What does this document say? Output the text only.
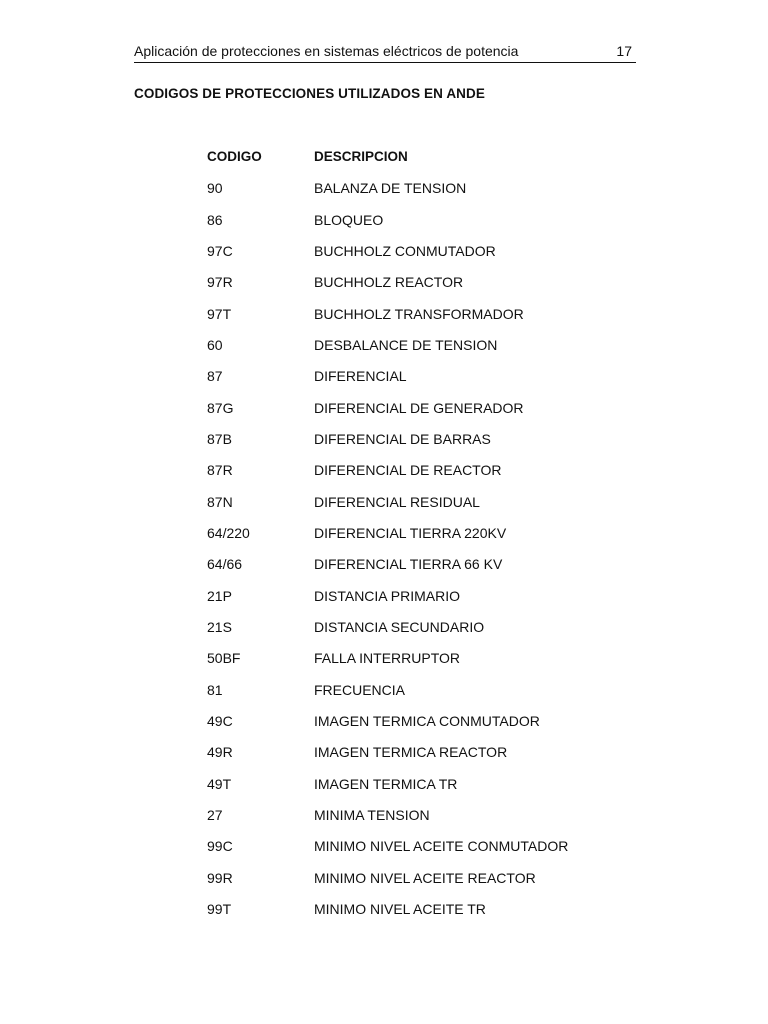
Aplicación de protecciones en sistemas eléctricos de potencia	17
CODIGOS DE PROTECCIONES UTILIZADOS EN ANDE
CODIGO	DESCRIPCION
90	BALANZA DE TENSION
86	BLOQUEO
97C	BUCHHOLZ CONMUTADOR
97R	BUCHHOLZ REACTOR
97T	BUCHHOLZ TRANSFORMADOR
60	DESBALANCE DE TENSION
87	DIFERENCIAL
87G	DIFERENCIAL DE GENERADOR
87B	DIFERENCIAL DE BARRAS
87R	DIFERENCIAL DE REACTOR
87N	DIFERENCIAL RESIDUAL
64/220	DIFERENCIAL TIERRA 220KV
64/66	DIFERENCIAL TIERRA 66 KV
21P	DISTANCIA PRIMARIO
21S	DISTANCIA SECUNDARIO
50BF	FALLA INTERRUPTOR
81	FRECUENCIA
49C	IMAGEN TERMICA CONMUTADOR
49R	IMAGEN TERMICA REACTOR
49T	IMAGEN TERMICA TR
27	MINIMA TENSION
99C	MINIMO NIVEL ACEITE CONMUTADOR
99R	MINIMO NIVEL ACEITE REACTOR
99T	MINIMO NIVEL ACEITE TR
